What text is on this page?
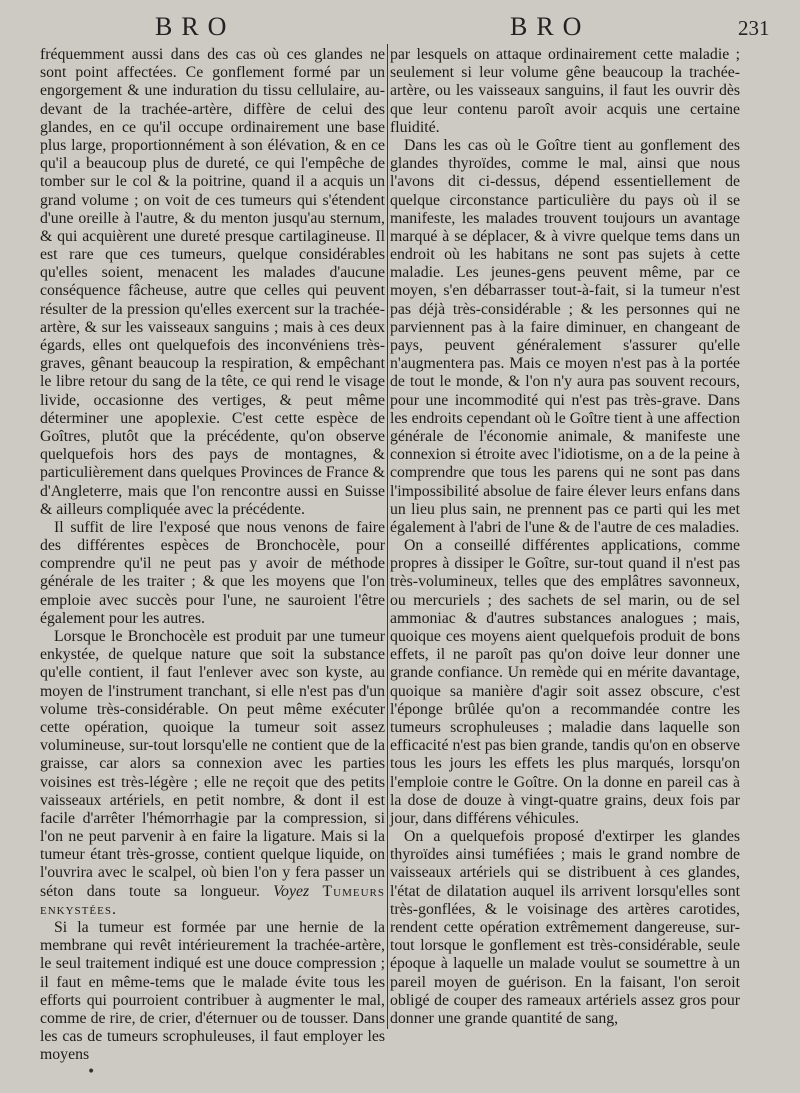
BRO	BRO	231

fréquemment aussi dans des cas où ces glandes ne sont point affectées. Ce gonflement formé par un engorgement & une induration du tissu cellulaire, au-devant de la trachée-artère, diffère de celui des glandes, en ce qu'il occupe ordinairement une base plus large, proportionnément à son élévation, & en ce qu'il a beaucoup plus de dureté, ce qui l'empêche de tomber sur le col & la poitrine, quand il a acquis un grand volume ; on voit de ces tumeurs qui s'étendent d'une oreille à l'autre, & du menton jusqu'au sternum, & qui acquièrent une dureté presque cartilagineuse. Il est rare que ces tumeurs, quelque considérables qu'elles soient, menacent les malades d'aucune conséquence fâcheuse, autre que celles qui peuvent résulter de la pression qu'elles exercent sur la trachée-artère, & sur les vaisseaux sanguins ; mais à ces deux égards, elles ont quelquefois des inconvéniens très-graves, gênant beaucoup la respiration, & empêchant le libre retour du sang de la tête, ce qui rend le visage livide, occasionne des vertiges, & peut même déterminer une apoplexie. C'est cette espèce de Goîtres, plutôt que la précédente, qu'on observe quelquefois hors des pays de montagnes, & particulièrement dans quelques Provinces de France & d'Angleterre, mais que l'on rencontre aussi en Suisse & ailleurs compliquée avec la précédente.

Il suffit de lire l'exposé que nous venons de faire des différentes espèces de Bronchocèle, pour comprendre qu'il ne peut pas y avoir de méthode générale de les traiter ; & que les moyens que l'on emploie avec succès pour l'une, ne sauroient l'être également pour les autres.

Lorsque le Bronchocèle est produit par une tumeur enkystée, de quelque nature que soit la substance qu'elle contient, il faut l'enlever avec son kyste, au moyen de l'instrument tranchant, si elle n'est pas d'un volume très-considérable. On peut même exécuter cette opération, quoique la tumeur soit assez volumineuse, sur-tout lorsqu'elle ne contient que de la graisse, car alors sa connexion avec les parties voisines est très-légère ; elle ne reçoit que des petits vaisseaux artériels, en petit nombre, & dont il est facile d'arrêter l'hémorrhagie par la compression, si l'on ne peut parvenir à en faire la ligature. Mais si la tumeur étant très-grosse, contient quelque liquide, on l'ouvrira avec le scalpel, où bien l'on y fera passer un séton dans toute sa longueur. Voyez Tumeurs enkystées.

Si la tumeur est formée par une hernie de la membrane qui revêt intérieurement la trachée-artère, le seul traitement indiqué est une douce compression ; il faut en même-tems que le malade évite tous les efforts qui pourroient contribuer à augmenter le mal, comme de rire, de crier, d'éternuer ou de tousser. Dans les cas de tumeurs scrophuleuses, il faut employer les moyens

par lesquels on attaque ordinairement cette maladie ; seulement si leur volume gêne beaucoup la trachée-artère, ou les vaisseaux sanguins, il faut les ouvrir dès que leur contenu paroît avoir acquis une certaine fluidité.

Dans les cas où le Goître tient au gonflement des glandes thyroïdes, comme le mal, ainsi que nous l'avons dit ci-dessus, dépend essentiellement de quelque circonstance particulière du pays où il se manifeste, les malades trouvent toujours un avantage marqué à se déplacer, & à vivre quelque tems dans un endroit où les habitans ne sont pas sujets à cette maladie. Les jeunes-gens peuvent même, par ce moyen, s'en débarrasser tout-à-fait, si la tumeur n'est pas déjà très-considérable ; & les personnes qui ne parviennent pas à la faire diminuer, en changeant de pays, peuvent généralement s'assurer qu'elle n'augmentera pas. Mais ce moyen n'est pas à la portée de tout le monde, & l'on n'y aura pas souvent recours, pour une incommodité qui n'est pas très-grave. Dans les endroits cependant où le Goître tient à une affection générale de l'économie animale, & manifeste une connexion si étroite avec l'idiotisme, on a de la peine à comprendre que tous les parens qui ne sont pas dans l'impossibilité absolue de faire élever leurs enfans dans un lieu plus sain, ne prennent pas ce parti qui les met également à l'abri de l'une & de l'autre de ces maladies.

On a conseillé différentes applications, comme propres à dissiper le Goître, sur-tout quand il n'est pas très-volumineux, telles que des emplâtres savonneux, ou mercuriels ; des sachets de sel marin, ou de sel ammoniac & d'autres substances analogues ; mais, quoique ces moyens aient quelquefois produit de bons effets, il ne paroît pas qu'on doive leur donner une grande confiance. Un remède qui en mérite davantage, quoique sa manière d'agir soit assez obscure, c'est l'éponge brûlée qu'on a recommandée contre les tumeurs scrophuleuses ; maladie dans laquelle son efficacité n'est pas bien grande, tandis qu'on en observe tous les jours les effets les plus marqués, lorsqu'on l'emploie contre le Goître. On la donne en pareil cas à la dose de douze à vingt-quatre grains, deux fois par jour, dans différens véhicules.

On a quelquefois proposé d'extirper les glandes thyroïdes ainsi tuméfiées ; mais le grand nombre de vaisseaux artériels qui se distribuent à ces glandes, l'état de dilatation auquel ils arrivent lorsqu'elles sont très-gonflées, & le voisinage des artères carotides, rendent cette opération extrêmement dangereuse, sur-tout lorsque le gonflement est très-considérable, seule époque à laquelle un malade voulut se soumettre à un pareil moyen de guérison. En la faisant, l'on seroit obligé de couper des rameaux artériels assez gros pour donner une grande quantité de sang,

•
